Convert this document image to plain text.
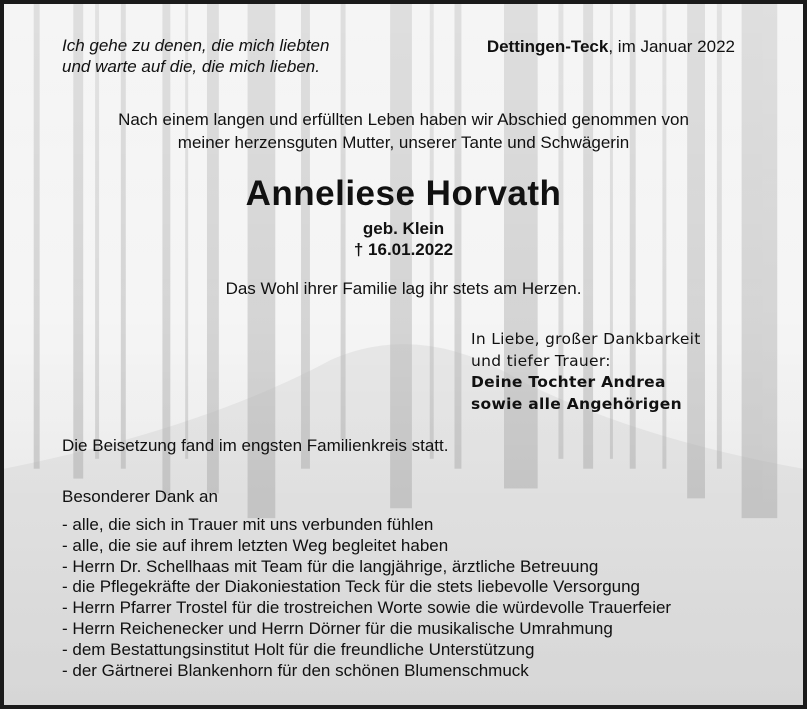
Ich gehe zu denen, die mich liebten
und warte auf die, die mich lieben.
Dettingen-Teck, im Januar 2022
Nach einem langen und erfüllten Leben haben wir Abschied genommen von
meiner herzensguten Mutter, unserer Tante und Schwägerin
Anneliese Horvath
geb. Klein
† 16.01.2022
Das Wohl ihrer Familie lag ihr stets am Herzen.
In Liebe, großer Dankbarkeit
und tiefer Trauer:
Deine Tochter Andrea
sowie alle Angehörigen
Die Beisetzung fand im engsten Familienkreis statt.
Besonderer Dank an
- alle, die sich in Trauer mit uns verbunden fühlen
- alle, die sie auf ihrem letzten Weg begleitet haben
- Herrn Dr. Schellhaas mit Team für die langjährige, ärztliche Betreuung
- die Pflegekräfte der Diakoniestation Teck für die stets liebevolle Versorgung
- Herrn Pfarrer Trostel für die trostreichen Worte sowie die würdevolle Trauerfeier
- Herrn Reichenecker und Herrn Dörner für die musikalische Umrahmung
- dem Bestattungsinstitut Holt für die freundliche Unterstützung
- der Gärtnerei Blankenhorn für den schönen Blumenschmuck
